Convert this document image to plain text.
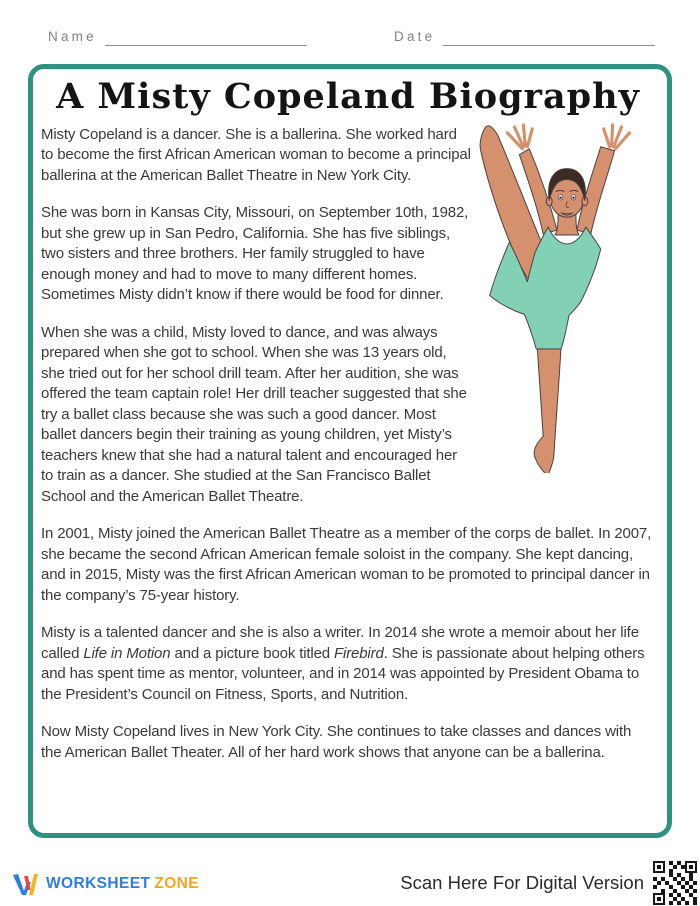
Name	Date
A Misty Copeland Biography

Misty Copeland is a dancer. She is a ballerina. She worked hard to become the first African American woman to become a principal ballerina at the American Ballet Theatre in New York City.

She was born in Kansas City, Missouri, on September 10th, 1982, but she grew up in San Pedro, California. She has five siblings, two sisters and three brothers. Her family struggled to have enough money and had to move to many different homes. Sometimes Misty didn’t know if there would be food for dinner.

When she was a child, Misty loved to dance, and was always prepared when she got to school. When she was 13 years old, she tried out for her school drill team. After her audition, she was offered the team captain role! Her drill teacher suggested that she try a ballet class because she was such a good dancer. Most ballet dancers begin their training as young children, yet Misty’s teachers knew that she had a natural talent and encouraged her to train as a dancer. She studied at the San Francisco Ballet School and the American Ballet Theatre.

In 2001, Misty joined the American Ballet Theatre as a member of the corps de ballet. In 2007, she became the second African American female soloist in the company. She kept dancing, and in 2015, Misty was the first African American woman to be promoted to principal dancer in the company’s 75-year history.

Misty is a talented dancer and she is also a writer. In 2014 she wrote a memoir about her life called Life in Motion and a picture book titled Firebird. She is passionate about helping others and has spent time as mentor, volunteer, and in 2014 was appointed by President Obama to the President’s Council on Fitness, Sports, and Nutrition.

Now Misty Copeland lives in New York City. She continues to take classes and dances with the American Ballet Theater. All of her hard work shows that anyone can be a ballerina.

WORKSHEET ZONE	Scan Here For Digital Version
